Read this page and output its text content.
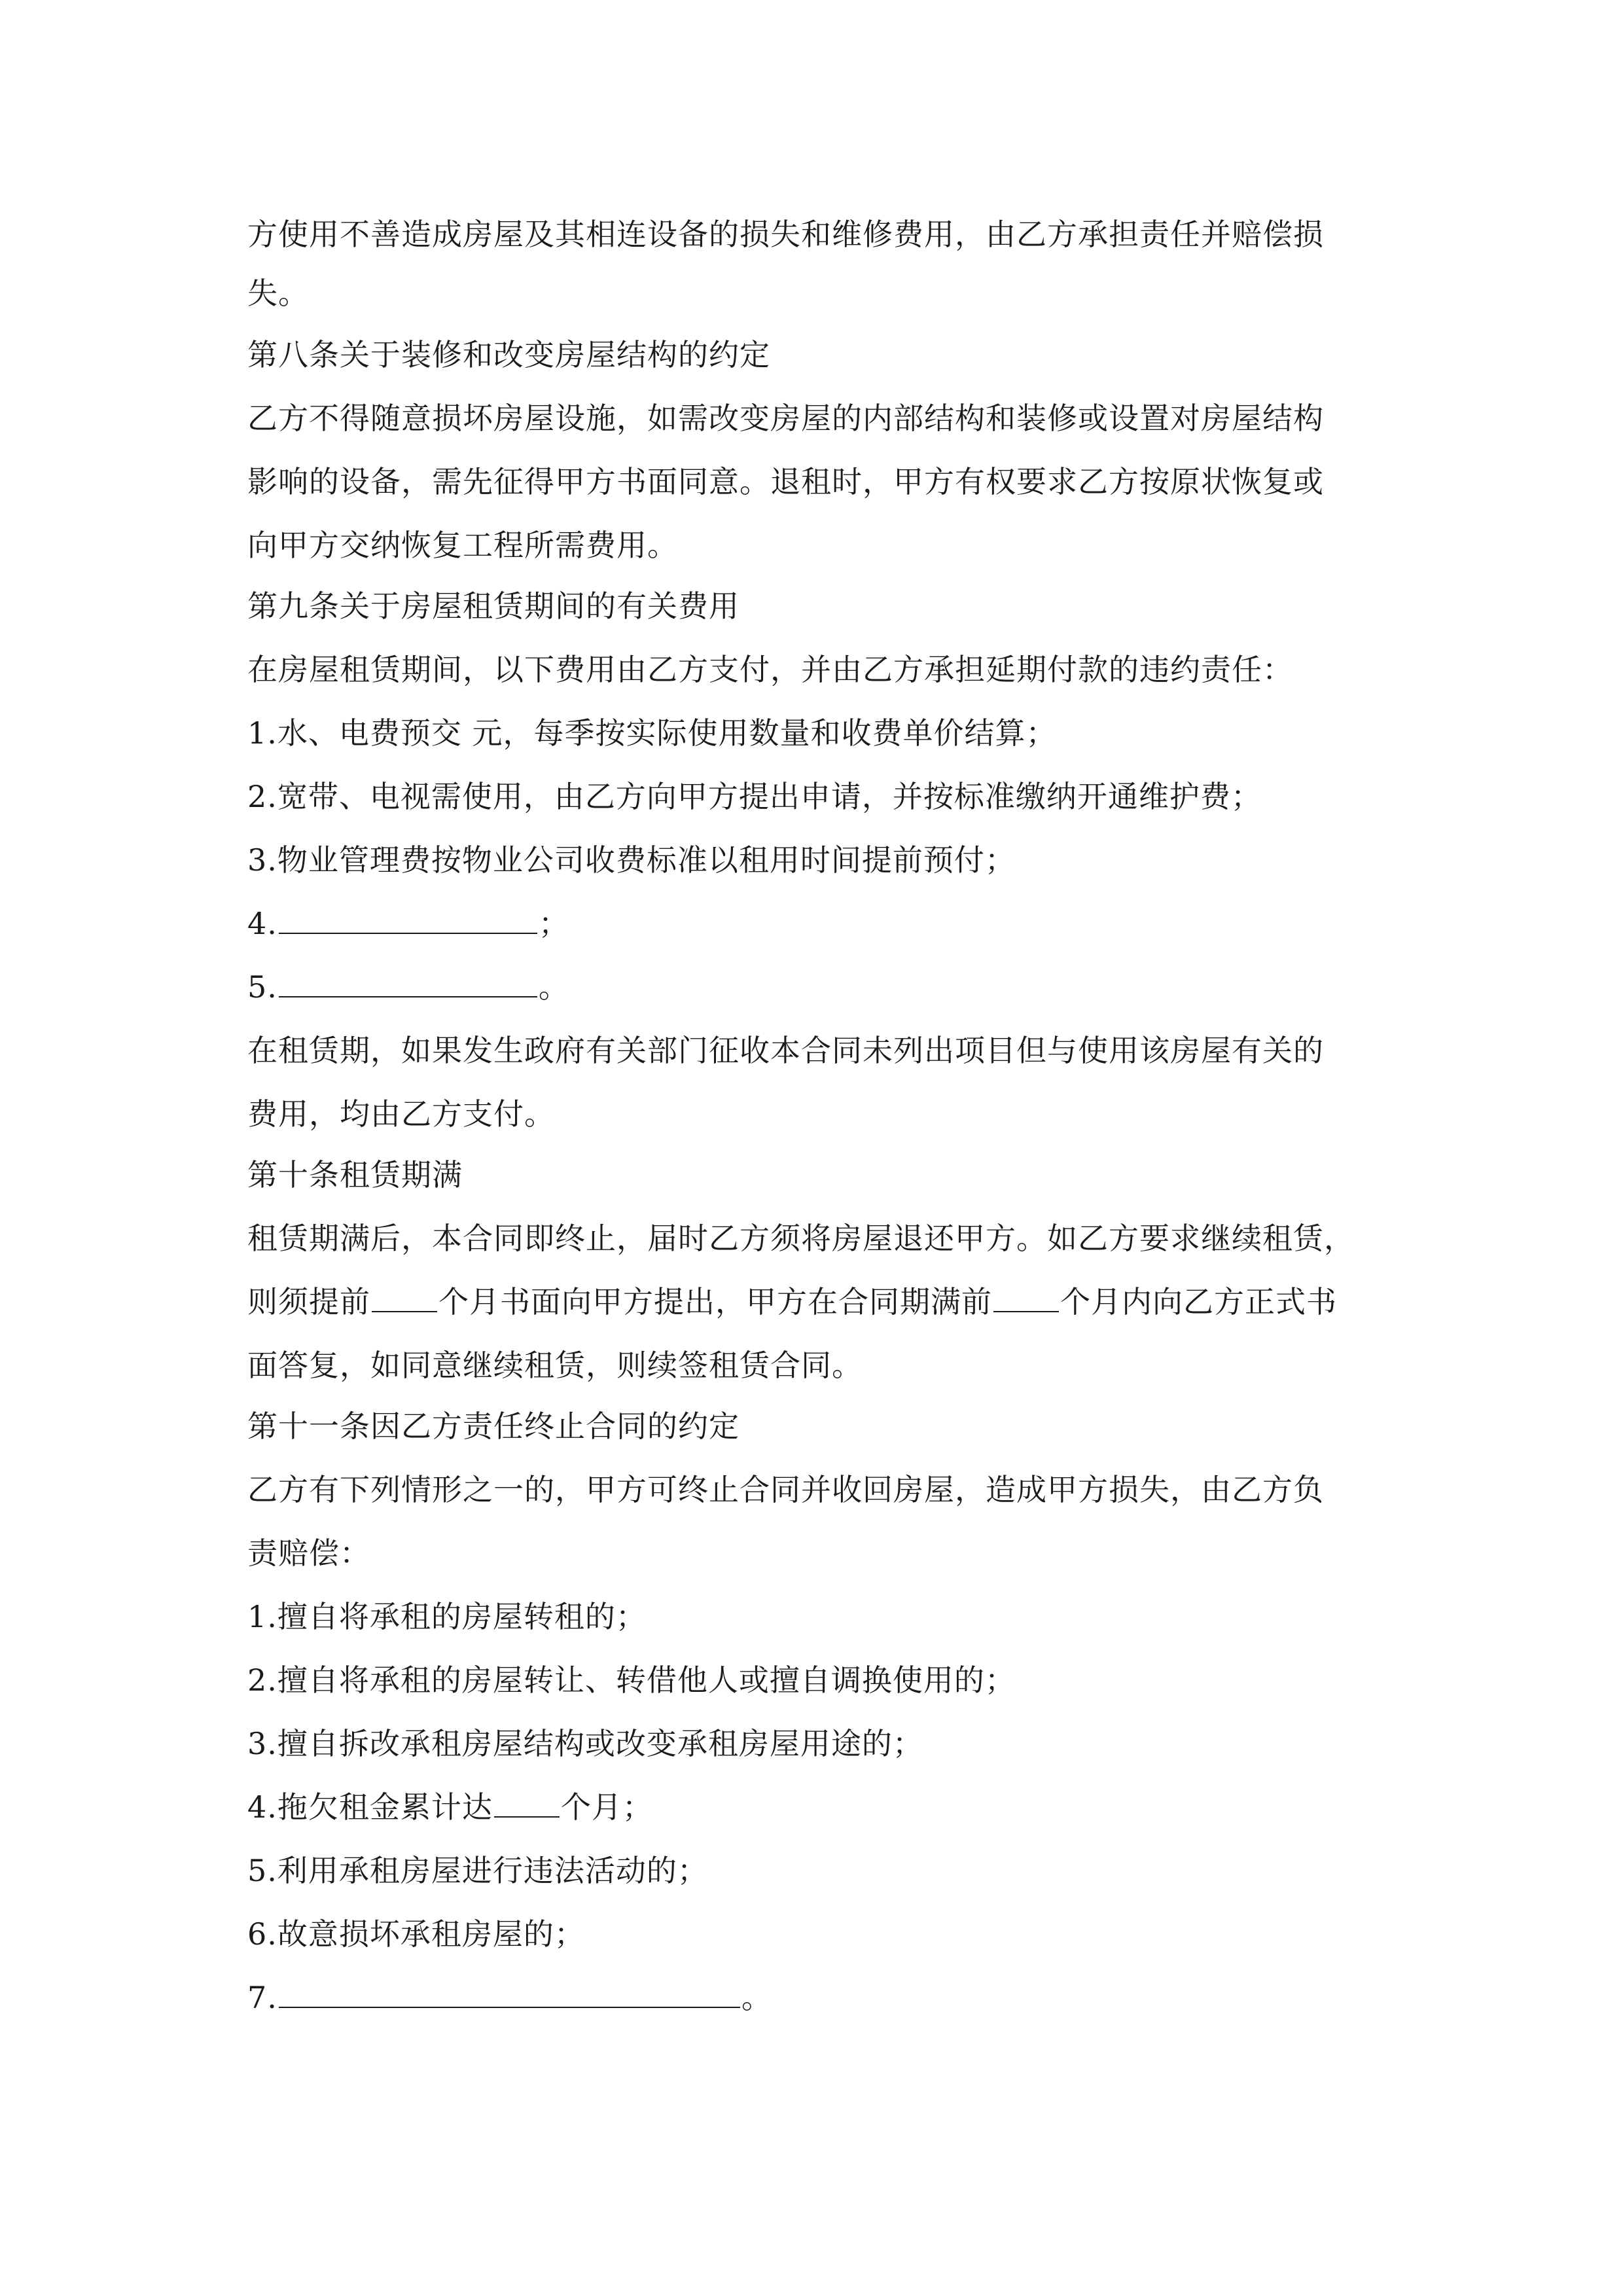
方使用不善造成房屋及其相连设备的损失和维修费用，由乙方承担责任并赔偿损
失。
第八条关于装修和改变房屋结构的约定
乙方不得随意损坏房屋设施，如需改变房屋的内部结构和装修或设置对房屋结构
影响的设备，需先征得甲方书面同意。退租时，甲方有权要求乙方按原状恢复或
向甲方交纳恢复工程所需费用。
第九条关于房屋租赁期间的有关费用
在房屋租赁期间，以下费用由乙方支付，并由乙方承担延期付款的违约责任：
1.水、电费预交 元，每季按实际使用数量和收费单价结算；
2.宽带、电视需使用，由乙方向甲方提出申请，并按标准缴纳开通维护费；
3.物业管理费按物业公司收费标准以租用时间提前预付；
4.	；
5.	。
在租赁期，如果发生政府有关部门征收本合同未列出项目但与使用该房屋有关的
费用，均由乙方支付。
第十条租赁期满
租赁期满后，本合同即终止，届时乙方须将房屋退还甲方。如乙方要求继续租赁，
则须提前 个月书面向甲方提出，甲方在合同期满前 个月内向乙方正式书
面答复，如同意继续租赁，则续签租赁合同。
第十一条因乙方责任终止合同的约定
乙方有下列情形之一的，甲方可终止合同并收回房屋，造成甲方损失，由乙方负
责赔偿：
1.擅自将承租的房屋转租的；
2.擅自将承租的房屋转让、转借他人或擅自调换使用的；
3.擅自拆改承租房屋结构或改变承租房屋用途的；
4.拖欠租金累计达 个月；
5.利用承租房屋进行违法活动的；
6.故意损坏承租房屋的；
7.	。
